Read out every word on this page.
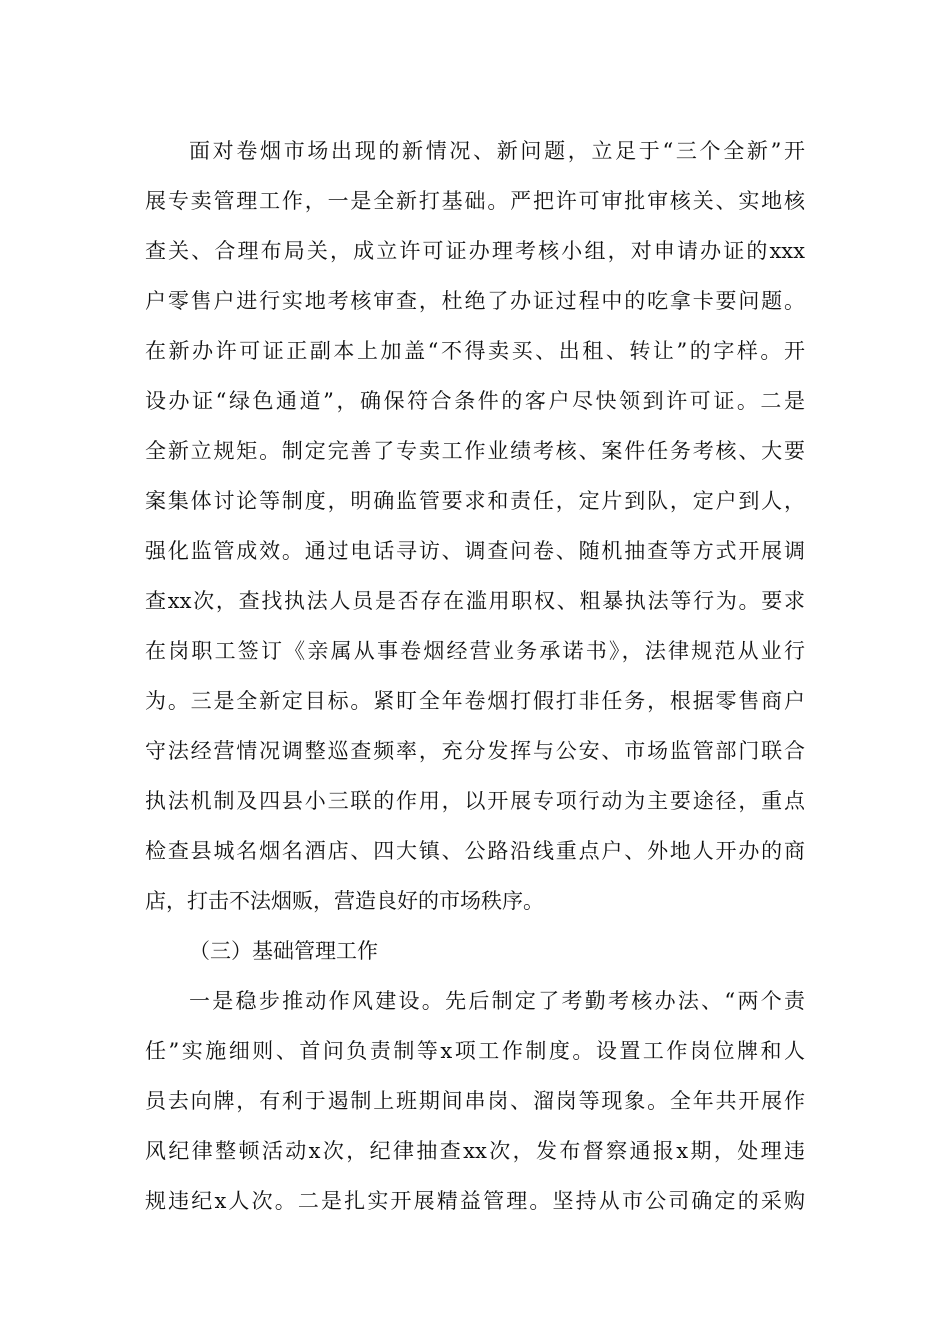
面对卷烟市场出现的新情况、新问题，立足于“三个全新”开
展专卖管理工作，一是全新打基础。严把许可审批审核关、实地核
查关、合理布局关，成立许可证办理考核小组，对申请办证的xxx
户零售户进行实地考核审查，杜绝了办证过程中的吃拿卡要问题。
在新办许可证正副本上加盖“不得卖买、出租、转让”的字样。开
设办证“绿色通道”，确保符合条件的客户尽快领到许可证。二是
全新立规矩。制定完善了专卖工作业绩考核、案件任务考核、大要
案集体讨论等制度，明确监管要求和责任，定片到队，定户到人，
强化监管成效。通过电话寻访、调查问卷、随机抽查等方式开展调
查xx次，查找执法人员是否存在滥用职权、粗暴执法等行为。要求
在岗职工签订《亲属从事卷烟经营业务承诺书》，法律规范从业行
为。三是全新定目标。紧盯全年卷烟打假打非任务，根据零售商户
守法经营情况调整巡查频率，充分发挥与公安、市场监管部门联合
执法机制及四县小三联的作用，以开展专项行动为主要途径，重点
检查县城名烟名酒店、四大镇、公路沿线重点户、外地人开办的商
店，打击不法烟贩，营造良好的市场秩序。
（三）基础管理工作
一是稳步推动作风建设。先后制定了考勤考核办法、“两个责
任”实施细则、首问负责制等x项工作制度。设置工作岗位牌和人
员去向牌，有利于遏制上班期间串岗、溜岗等现象。全年共开展作
风纪律整顿活动x次，纪律抽查xx次，发布督察通报x期，处理违
规违纪x人次。二是扎实开展精益管理。坚持从市公司确定的采购
